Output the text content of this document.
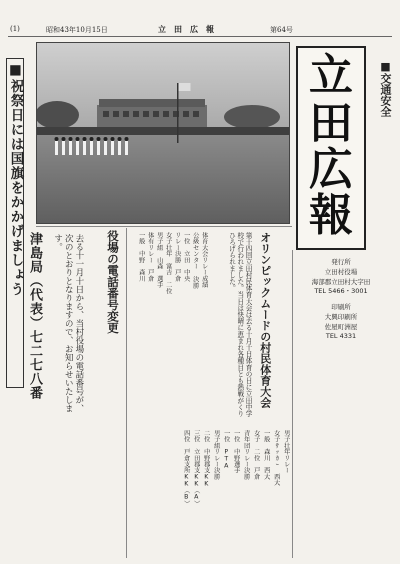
(1)	昭和43年10月15日	立　田　広　報	第64号
■祝祭日には国旗をかかげましょう	立
田
広
報
■交通安全
発行所
立田村役場
海部郡立田村大字田
TEL 5466・3001
印刷所
大興印刷所
佐屋町洲屋
TEL 4331
オリンピックムードの村民体育大会
第十四回立田村民体育大会は去る十月十日体育の日に立田中学校で行われました。当日は快晴に恵まれ各種目とも熱戦がくりひろげられました。
体育大会リレー成績
公級センター 決勝
一位　立田　中央
リレー決勝　戸倉
女子壮年　富吉　二位
男子組　山森　選手
体有リレー　戸倉
一般　中野　森川
男子壮年リレー
女子ｻｯｶｰ　西大
一般　森川　西大
女子　二位　戸倉
青年団リレー決勝
一位　中野選手
一位　PTA
男子組リレー決勝
二位　中野郡支KK
三位　立田郡支KK（A）
四位　戸倉支所KK（B）
役場の電話番号変更
去る十一月十日から、当村役場の電話番号が、次のとおりとなりますので、お知らせいたします。
津島局（代表）七二七八番
